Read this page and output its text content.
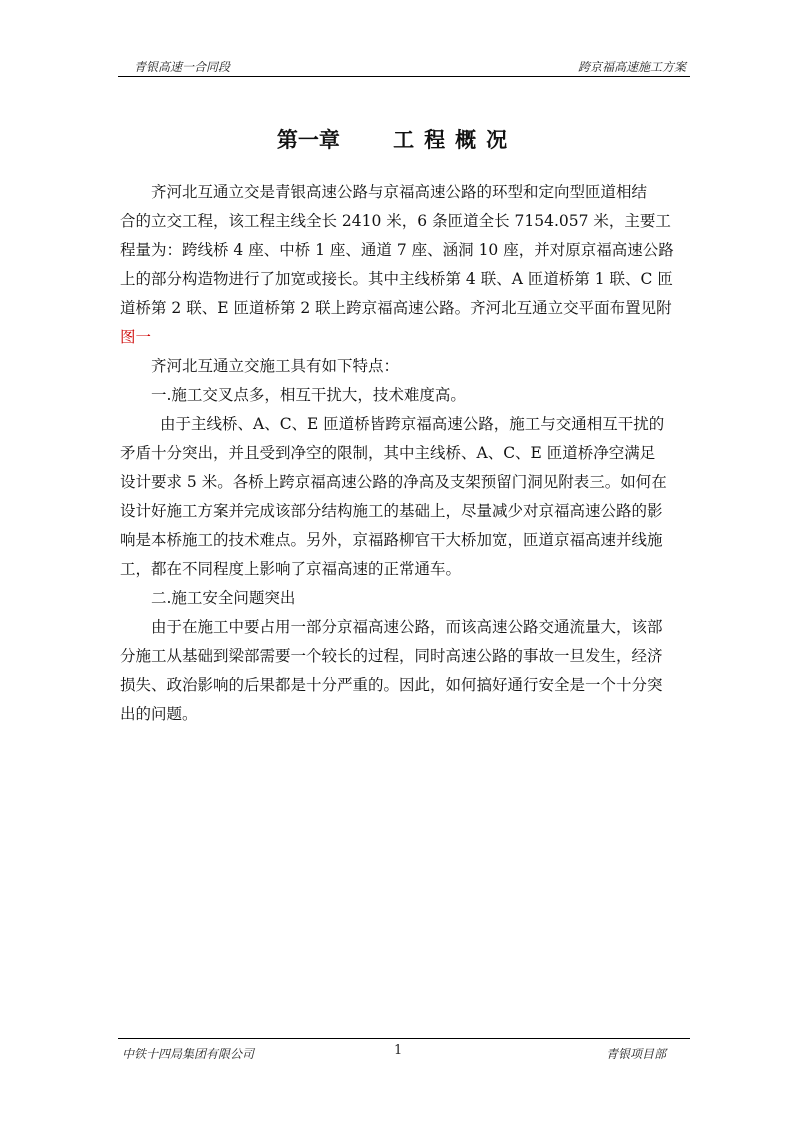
青银高速一合同段	跨京福高速施工方案
第一章	工程概况

齐河北互通立交是青银高速公路与京福高速公路的环型和定向型匝道相结
合的立交工程，该工程主线全长 2410 米，6 条匝道全长 7154.057 米，主要工
程量为：跨线桥 4 座、中桥 1 座、通道 7 座、涵洞 10 座，并对原京福高速公路
上的部分构造物进行了加宽或接长。其中主线桥第 4 联、A 匝道桥第 1 联、C 匝
道桥第 2 联、E 匝道桥第 2 联上跨京福高速公路。齐河北互通立交平面布置见附
图一

齐河北互通立交施工具有如下特点：

一.施工交叉点多，相互干扰大，技术难度高。

由于主线桥、A、C、E 匝道桥皆跨京福高速公路，施工与交通相互干扰的
矛盾十分突出，并且受到净空的限制，其中主线桥、A、C、E 匝道桥净空满足
设计要求 5 米。各桥上跨京福高速公路的净高及支架预留门洞见附表三。如何在
设计好施工方案并完成该部分结构施工的基础上，尽量减少对京福高速公路的影
响是本桥施工的技术难点。另外，京福路柳官干大桥加宽，匝道京福高速并线施
工，都在不同程度上影响了京福高速的正常通车。

二.施工安全问题突出

由于在施工中要占用一部分京福高速公路，而该高速公路交通流量大，该部
分施工从基础到梁部需要一个较长的过程，同时高速公路的事故一旦发生，经济
损失、政治影响的后果都是十分严重的。因此，如何搞好通行安全是一个十分突
出的问题。

中铁十四局集团有限公司	1	青银项目部
